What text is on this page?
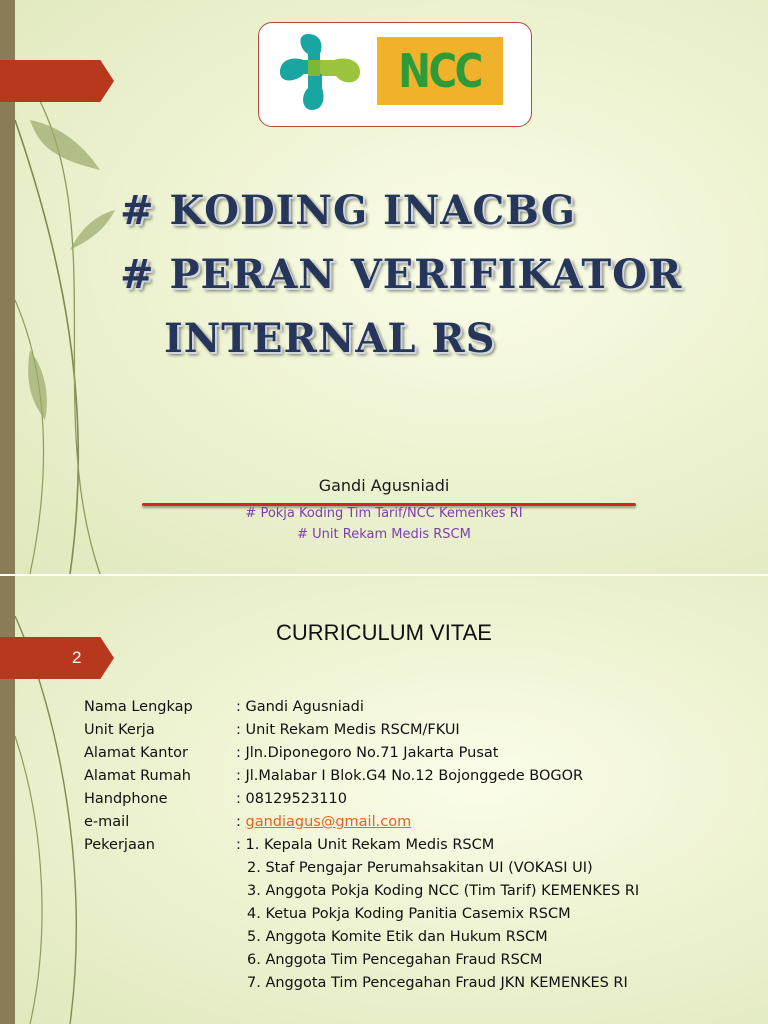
NCC
# KODING INACBG
# PERAN VERIFIKATOR
INTERNAL RS
Gandi Agusniadi
# Pokja Koding Tim Tarif/NCC Kemenkes RI
# Unit Rekam Medis RSCM
2
CURRICULUM VITAE
Nama Lengkap	: Gandi Agusniadi
Unit Kerja	: Unit Rekam Medis RSCM/FKUI
Alamat Kantor	: Jln.Diponegoro No.71 Jakarta Pusat
Alamat Rumah	: Jl.Malabar I Blok.G4 No.12 Bojonggede BOGOR
Handphone	: 08129523110
e-mail	: gandiagus@gmail.com
Pekerjaan	: 1. Kepala Unit Rekam Medis RSCM
2. Staf Pengajar Perumahsakitan UI (VOKASI UI)
3. Anggota Pokja Koding NCC (Tim Tarif) KEMENKES RI
4. Ketua Pokja Koding Panitia Casemix RSCM
5. Anggota Komite Etik dan Hukum RSCM
6. Anggota Tim Pencegahan Fraud RSCM
7. Anggota Tim Pencegahan Fraud JKN KEMENKES RI
